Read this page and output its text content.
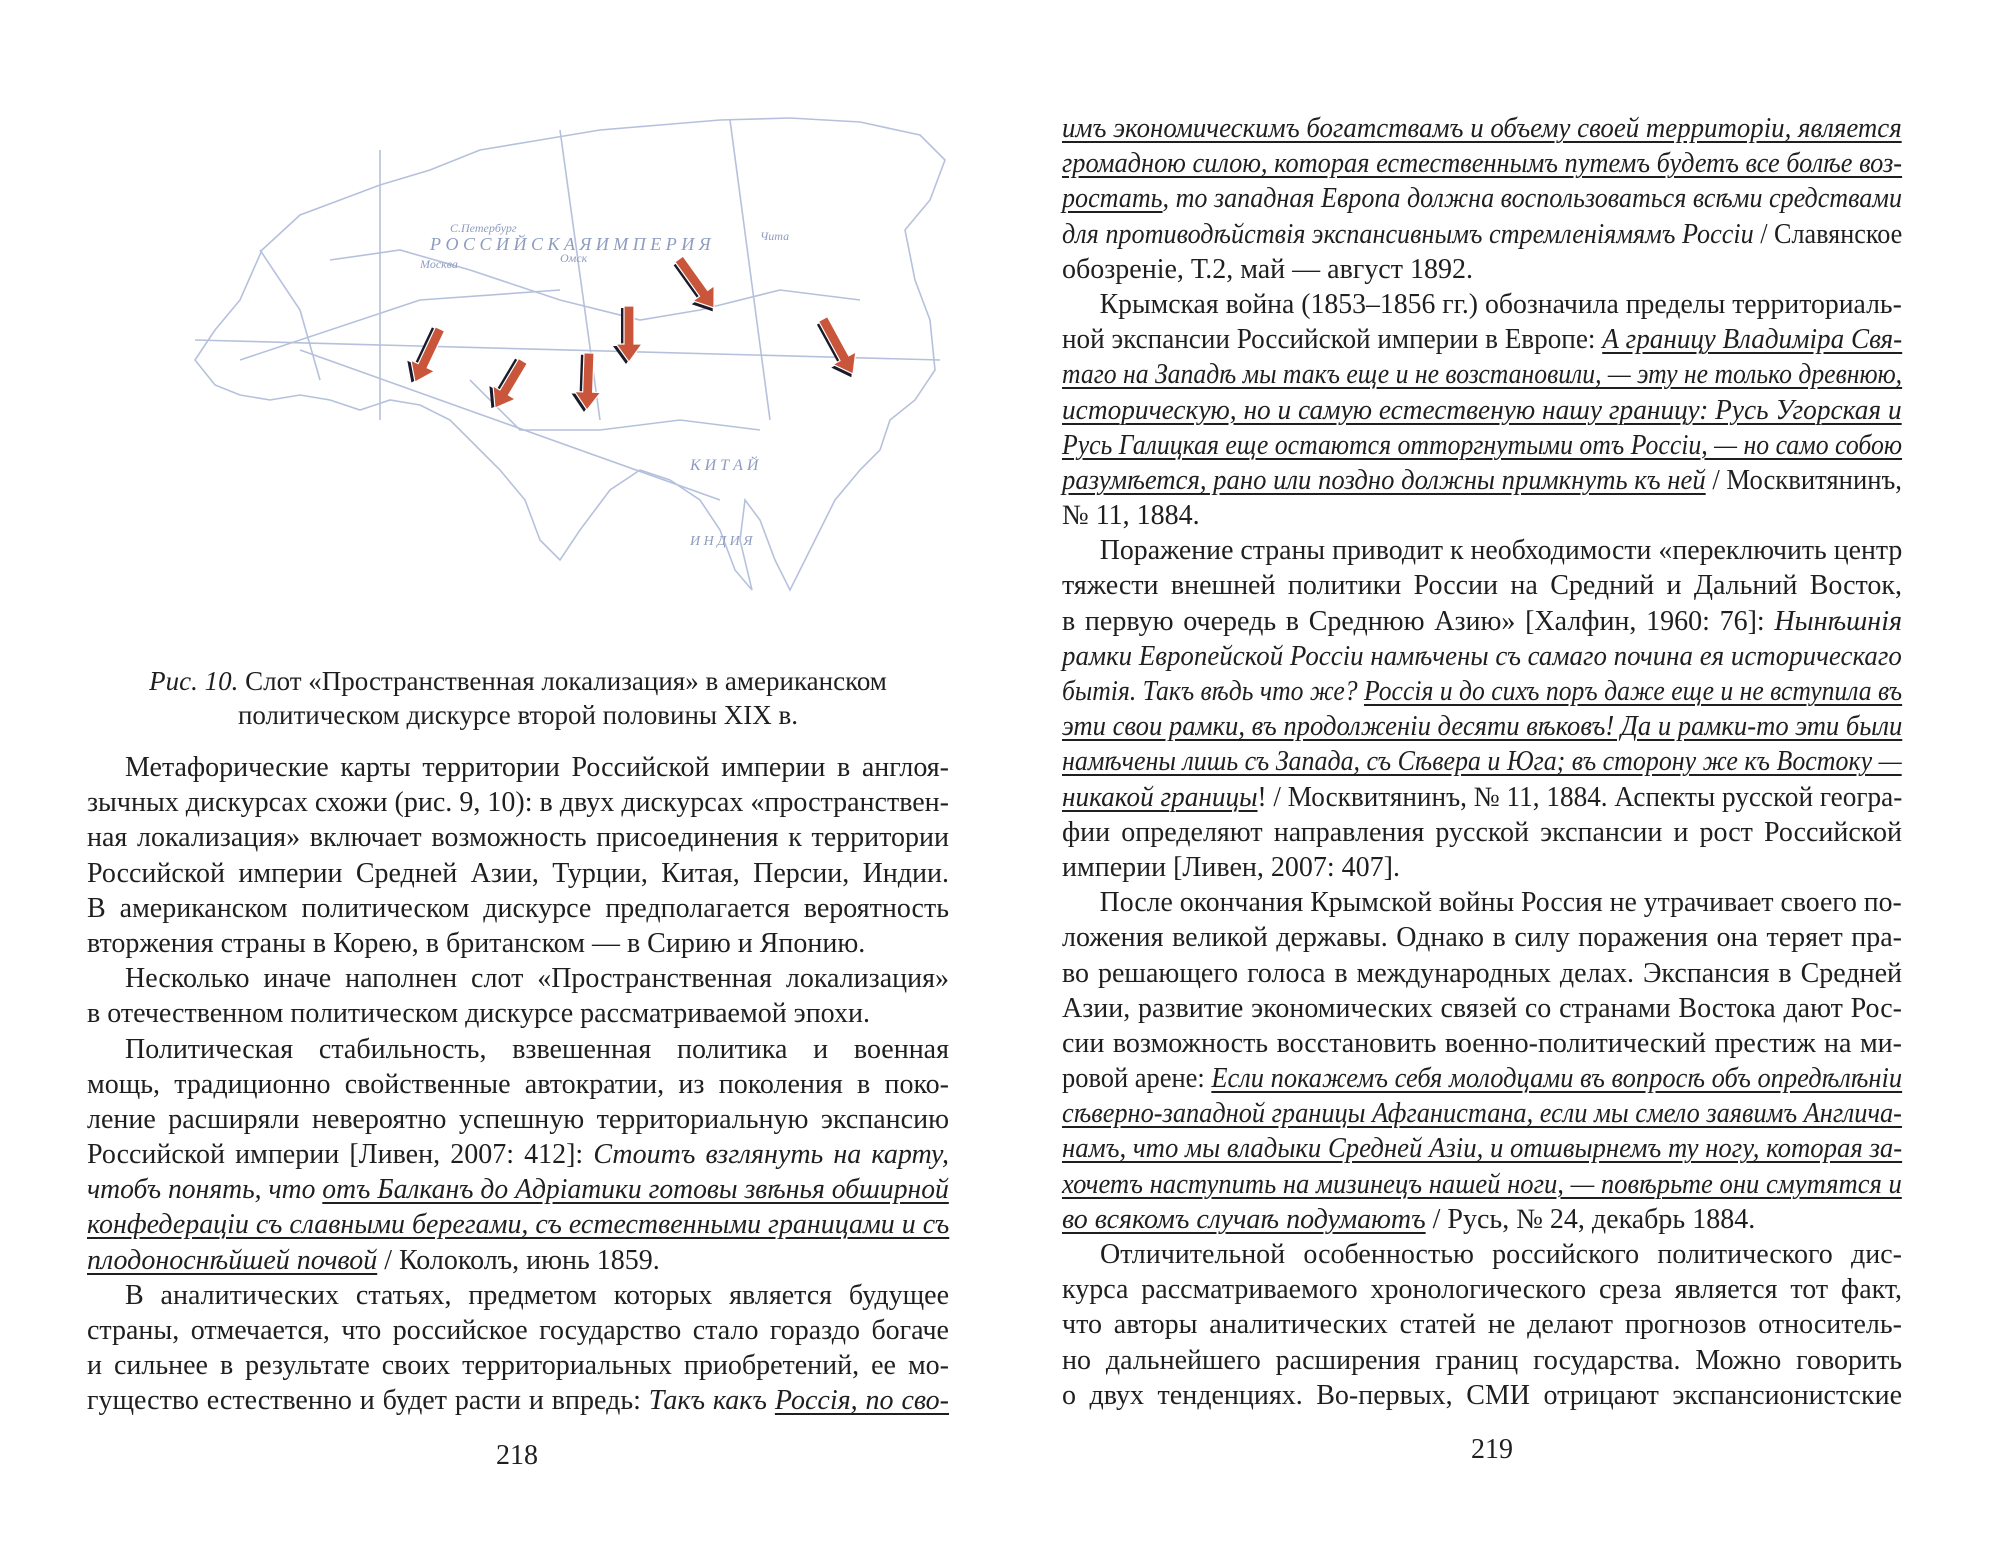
Р О С С И Й С К А Я И М П Е Р И Я
К И Т А Й
И Н Д И Я
Омск
Чита
Москва
С.Петербург
Рис. 10. Слот «Пространственная локализация» в американском
политическом дискурсе второй половины XIX в.
Метафорические карты территории Российской империи в англоя-
зычных дискурсах схожи (рис. 9, 10): в двух дискурсах «пространствен-
ная локализация» включает возможность присоединения к территории
Российской империи Средней Азии, Турции, Китая, Персии, Индии.
В американском политическом дискурсе предполагается вероятность
вторжения страны в Корею, в британском — в Сирию и Японию.
Несколько иначе наполнен слот «Пространственная локализация»
в отечественном политическом дискурсе рассматриваемой эпохи.
Политическая стабильность, взвешенная политика и военная
мощь, традиционно свойственные автократии, из поколения в поко-
ление расширяли невероятно успешную территориальную экспансию
Российской империи [Ливен, 2007: 412]: Стоитъ взглянуть на карту,
чтобъ понять, что отъ Балканъ до Адріатики готовы звѣнья обширной
конфедераціи съ славными берегами, съ естественными границами и съ
плодоноснѣйшей почвой / Колоколъ, июнь 1859.
В аналитических статьях, предметом которых является будущее
страны, отмечается, что российское государство стало гораздо богаче
и сильнее в результате своих территориальных приобретений, ее мо-
гущество естественно и будет расти и впредь: Такъ какъ Россія, по сво-
218
имъ экономическимъ богатствамъ и объему своей территоріи, является
громадною силою, которая естественнымъ путемъ будетъ все болѣе воз-
ростать, то западная Европа должна воспользоваться всѣми средствами
для противодѣйствія экспансивнымъ стремленіямямъ Россіи / Славянское
обозреніе, Т.2, май — август 1892.
Крымская война (1853–1856 гг.) обозначила пределы территориаль-
ной экспансии Российской империи в Европе: А границу Владиміра Свя-
таго на Западѣ мы такъ еще и не возстановили, — эту не только древнюю,
историческую, но и самую естественую нашу границу: Русь Угорская и
Русь Галицкая еще остаются отторгнутыми отъ Россіи, — но само собою
разумѣется, рано или поздно должны примкнуть къ ней / Москвитянинъ,
№ 11, 1884.
Поражение страны приводит к необходимости «переключить центр
тяжести внешней политики России на Средний и Дальний Восток,
в первую очередь в Среднюю Азию» [Халфин, 1960: 76]: Нынѣшнія
рамки Европейской Россіи намѣчены съ самаго почина ея историческаго
бытія. Такъ вѣдь что же? Россія и до сихъ поръ даже еще и не вступила въ
эти свои рамки, въ продолженіи десяти вѣковъ! Да и рамки-то эти были
намѣчены лишь съ Запада, съ Сѣвера и Юга; въ сторону же къ Востоку —
никакой границы! / Москвитянинъ, № 11, 1884. Аспекты русской геогра-
фии определяют направления русской экспансии и рост Российской
империи [Ливен, 2007: 407].
После окончания Крымской войны Россия не утрачивает своего по-
ложения великой державы. Однако в силу поражения она теряет пра-
во решающего голоса в международных делах. Экспансия в Средней
Азии, развитие экономических связей со странами Востока дают Рос-
сии возможность восстановить военно-политический престиж на ми-
ровой арене: Если покажемъ себя молодцами въ вопросѣ объ опредѣлѣніи
сѣверно-западной границы Афганистана, если мы смело заявимъ Англича-
намъ, что мы владыки Средней Азіи, и отшвырнемъ ту ногу, которая за-
хочетъ наступить на мизинецъ нашей ноги, — повѣрьте они смутятся и
во всякомъ случаѣ подумаютъ / Русь, № 24, декабрь 1884.
Отличительной особенностью российского политического дис-
курса рассматриваемого хронологического среза является тот факт,
что авторы аналитических статей не делают прогнозов относитель-
но дальнейшего расширения границ государства. Можно говорить
о двух тенденциях. Во-первых, СМИ отрицают экспансионистские
219
